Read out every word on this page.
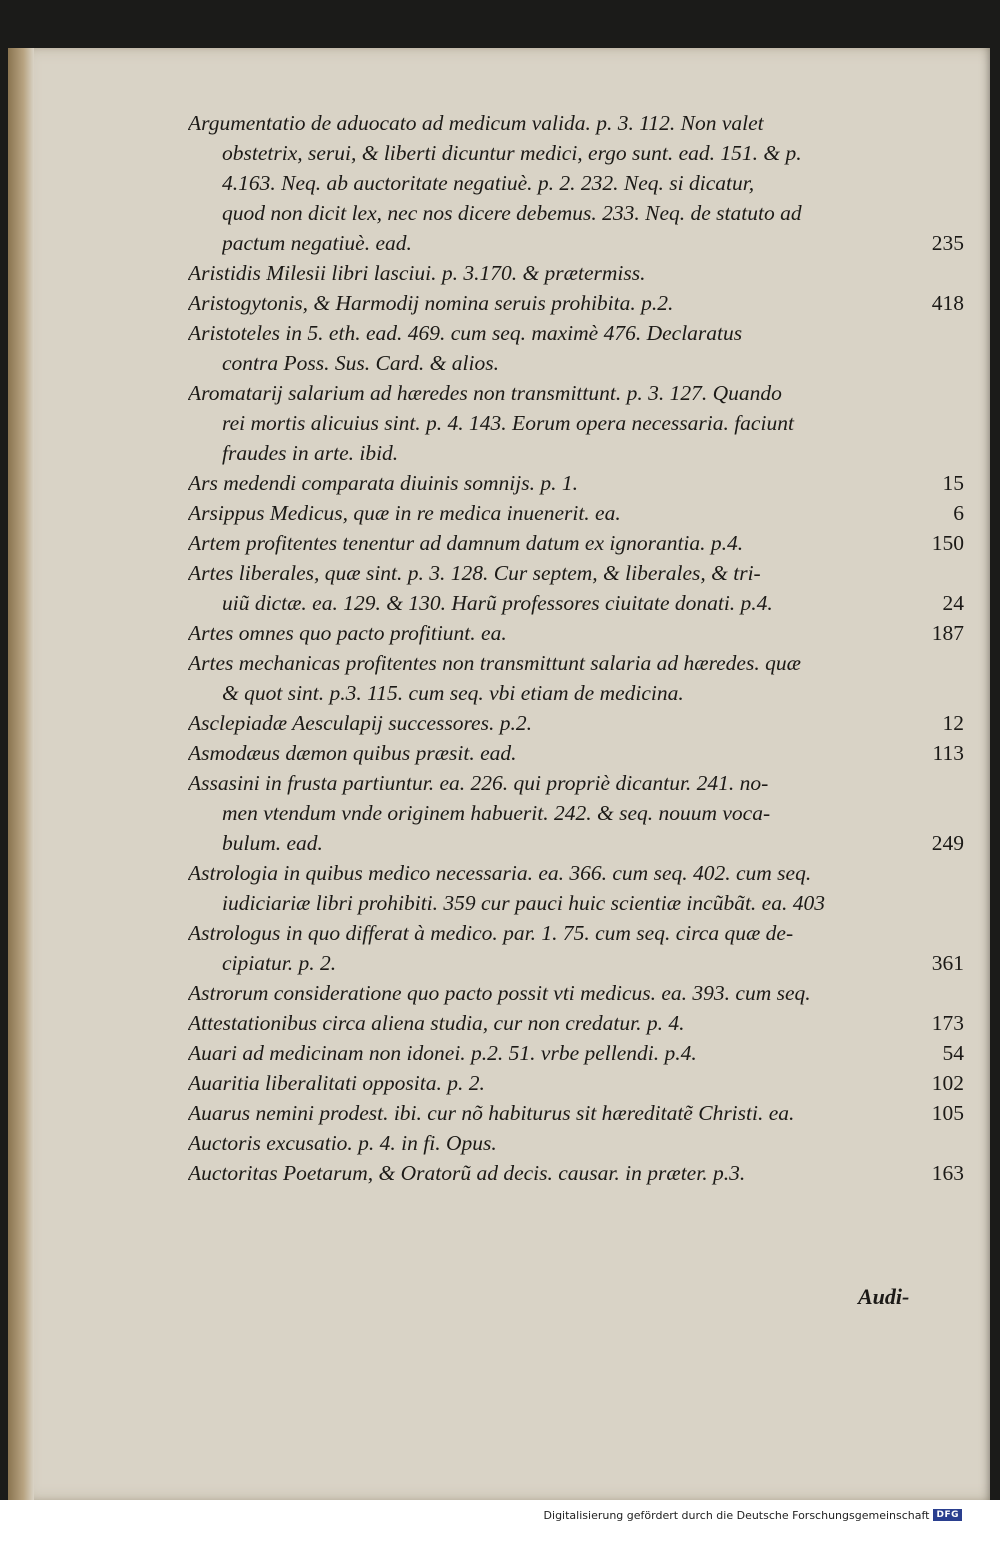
Argumentatio de aduocato ad medicum valida. p. 3. 112. Non valet
obstetrix, serui, & liberti dicuntur medici, ergo sunt. ead. 151. & p.
4.163. Neq. ab auctoritate negatiuè. p. 2. 232. Neq. si dicatur,
quod non dicit lex, nec nos dicere debemus. 233. Neq. de statuto ad
pactum negatiuè. ead.	235
Aristidis Milesii libri lasciui. p. 3.170. & prætermiss.
Aristogytonis, & Harmodij nomina seruis prohibita. p.2.	418
Aristoteles in 5. eth. ead. 469. cum seq. maximè 476. Declaratus
contra Poss. Sus. Card. & alios.
Aromatarij salarium ad hæredes non transmittunt. p. 3. 127. Quando
rei mortis alicuius sint. p. 4. 143. Eorum opera necessaria. faciunt
fraudes in arte. ibid.
Ars medendi comparata diuinis somnijs. p. 1.	15
Arsippus Medicus, quæ in re medica inuenerit. ea.	6
Artem profitentes tenentur ad damnum datum ex ignorantia. p.4.	150
Artes liberales, quæ sint. p. 3. 128. Cur septem, & liberales, & tri-
uiũ dictæ. ea. 129. & 130. Harũ professores ciuitate donati. p.4.	24
Artes omnes quo pacto profitiunt. ea.	187
Artes mechanicas profitentes non transmittunt salaria ad hæredes. quæ
& quot sint. p.3. 115. cum seq. vbi etiam de medicina.
Asclepiadæ Aesculapij successores. p.2.	12
Asmodæus dæmon quibus præsit. ead.	113
Assasini in frusta partiuntur. ea. 226. qui propriè dicantur. 241. no-
men vtendum vnde originem habuerit. 242. & seq. nouum voca-
bulum. ead.	249
Astrologia in quibus medico necessaria. ea. 366. cum seq. 402. cum seq.
iudiciariæ libri prohibiti. 359 cur pauci huic scientiæ incũbãt. ea. 403
Astrologus in quo differat à medico. par. 1. 75. cum seq. circa quæ de-
cipiatur. p. 2.	361
Astrorum consideratione quo pacto possit vti medicus. ea. 393. cum seq.
Attestationibus circa aliena studia, cur non credatur. p. 4.	173
Auari ad medicinam non idonei. p.2. 51. vrbe pellendi. p.4.	54
Auaritia liberalitati opposita. p. 2.	102
Auarus nemini prodest. ibi. cur nõ habiturus sit hæreditatẽ Christi. ea.	105
Auctoris excusatio. p. 4. in fi. Opus.
Auctoritas Poetarum, & Oratorũ ad decis. causar. in præter. p.3.	163
Audi-
Digitalisierung gefördert durch die Deutsche Forschungsgemeinschaft DFG
